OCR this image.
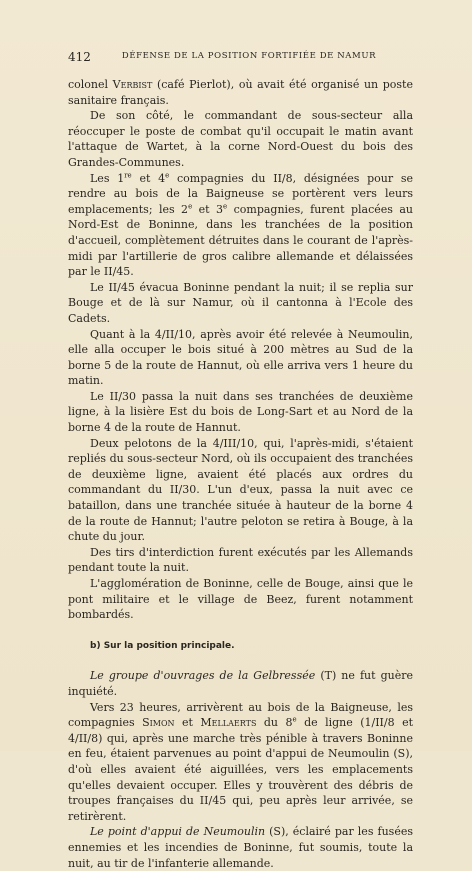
412	DÉFENSE DE LA POSITION FORTIFIÉE DE NAMUR

colonel Verbist (café Pierlot), où avait été organisé un poste sanitaire français.

De son côté, le commandant de sous-secteur alla réoccuper le poste de combat qu'il occupait le matin avant l'attaque de Wartet, à la corne Nord-Ouest du bois des Grandes-Communes.

Les 1re et 4e compagnies du II/8, désignées pour se rendre au bois de la Baigneuse se portèrent vers leurs emplacements; les 2e et 3e compagnies, furent placées au Nord-Est de Boninne, dans les tranchées de la position d'accueil, complètement détruites dans le courant de l'après-midi par l'artillerie de gros calibre allemande et délaissées par le II/45.

Le II/45 évacua Boninne pendant la nuit; il se replia sur Bouge et de là sur Namur, où il cantonna à l'Ecole des Cadets.

Quant à la 4/II/10, après avoir été relevée à Neumoulin, elle alla occuper le bois situé à 200 mètres au Sud de la borne 5 de la route de Hannut, où elle arriva vers 1 heure du matin.

Le II/30 passa la nuit dans ses tranchées de deuxième ligne, à la lisière Est du bois de Long-Sart et au Nord de la borne 4 de la route de Hannut.

Deux pelotons de la 4/III/10, qui, l'après-midi, s'étaient repliés du sous-secteur Nord, où ils occupaient des tranchées de deuxième ligne, avaient été placés aux ordres du commandant du II/30. L'un d'eux, passa la nuit avec ce bataillon, dans une tranchée située à hauteur de la borne 4 de la route de Hannut; l'autre peloton se retira à Bouge, à la chute du jour.

Des tirs d'interdiction furent exécutés par les Allemands pendant toute la nuit.

L'agglomération de Boninne, celle de Bouge, ainsi que le pont militaire et le village de Beez, furent notamment bombardés.

b) Sur la position principale.

Le groupe d'ouvrages de la Gelbressée (T) ne fut guère inquiété.

Vers 23 heures, arrivèrent au bois de la Baigneuse, les compagnies Simon et Mellaerts du 8e de ligne (1/II/8 et 4/II/8) qui, après une marche très pénible à travers Boninne en feu, étaient parvenues au point d'appui de Neumoulin (S), d'où elles avaient été aiguillées, vers les emplacements qu'elles devaient occuper. Elles y trouvèrent des débris de troupes françaises du II/45 qui, peu après leur arrivée, se retirèrent.

Le point d'appui de Neumoulin (S), éclairé par les fusées ennemies et les incendies de Boninne, fut soumis, toute la nuit, au tir de l'infanterie allemande.
